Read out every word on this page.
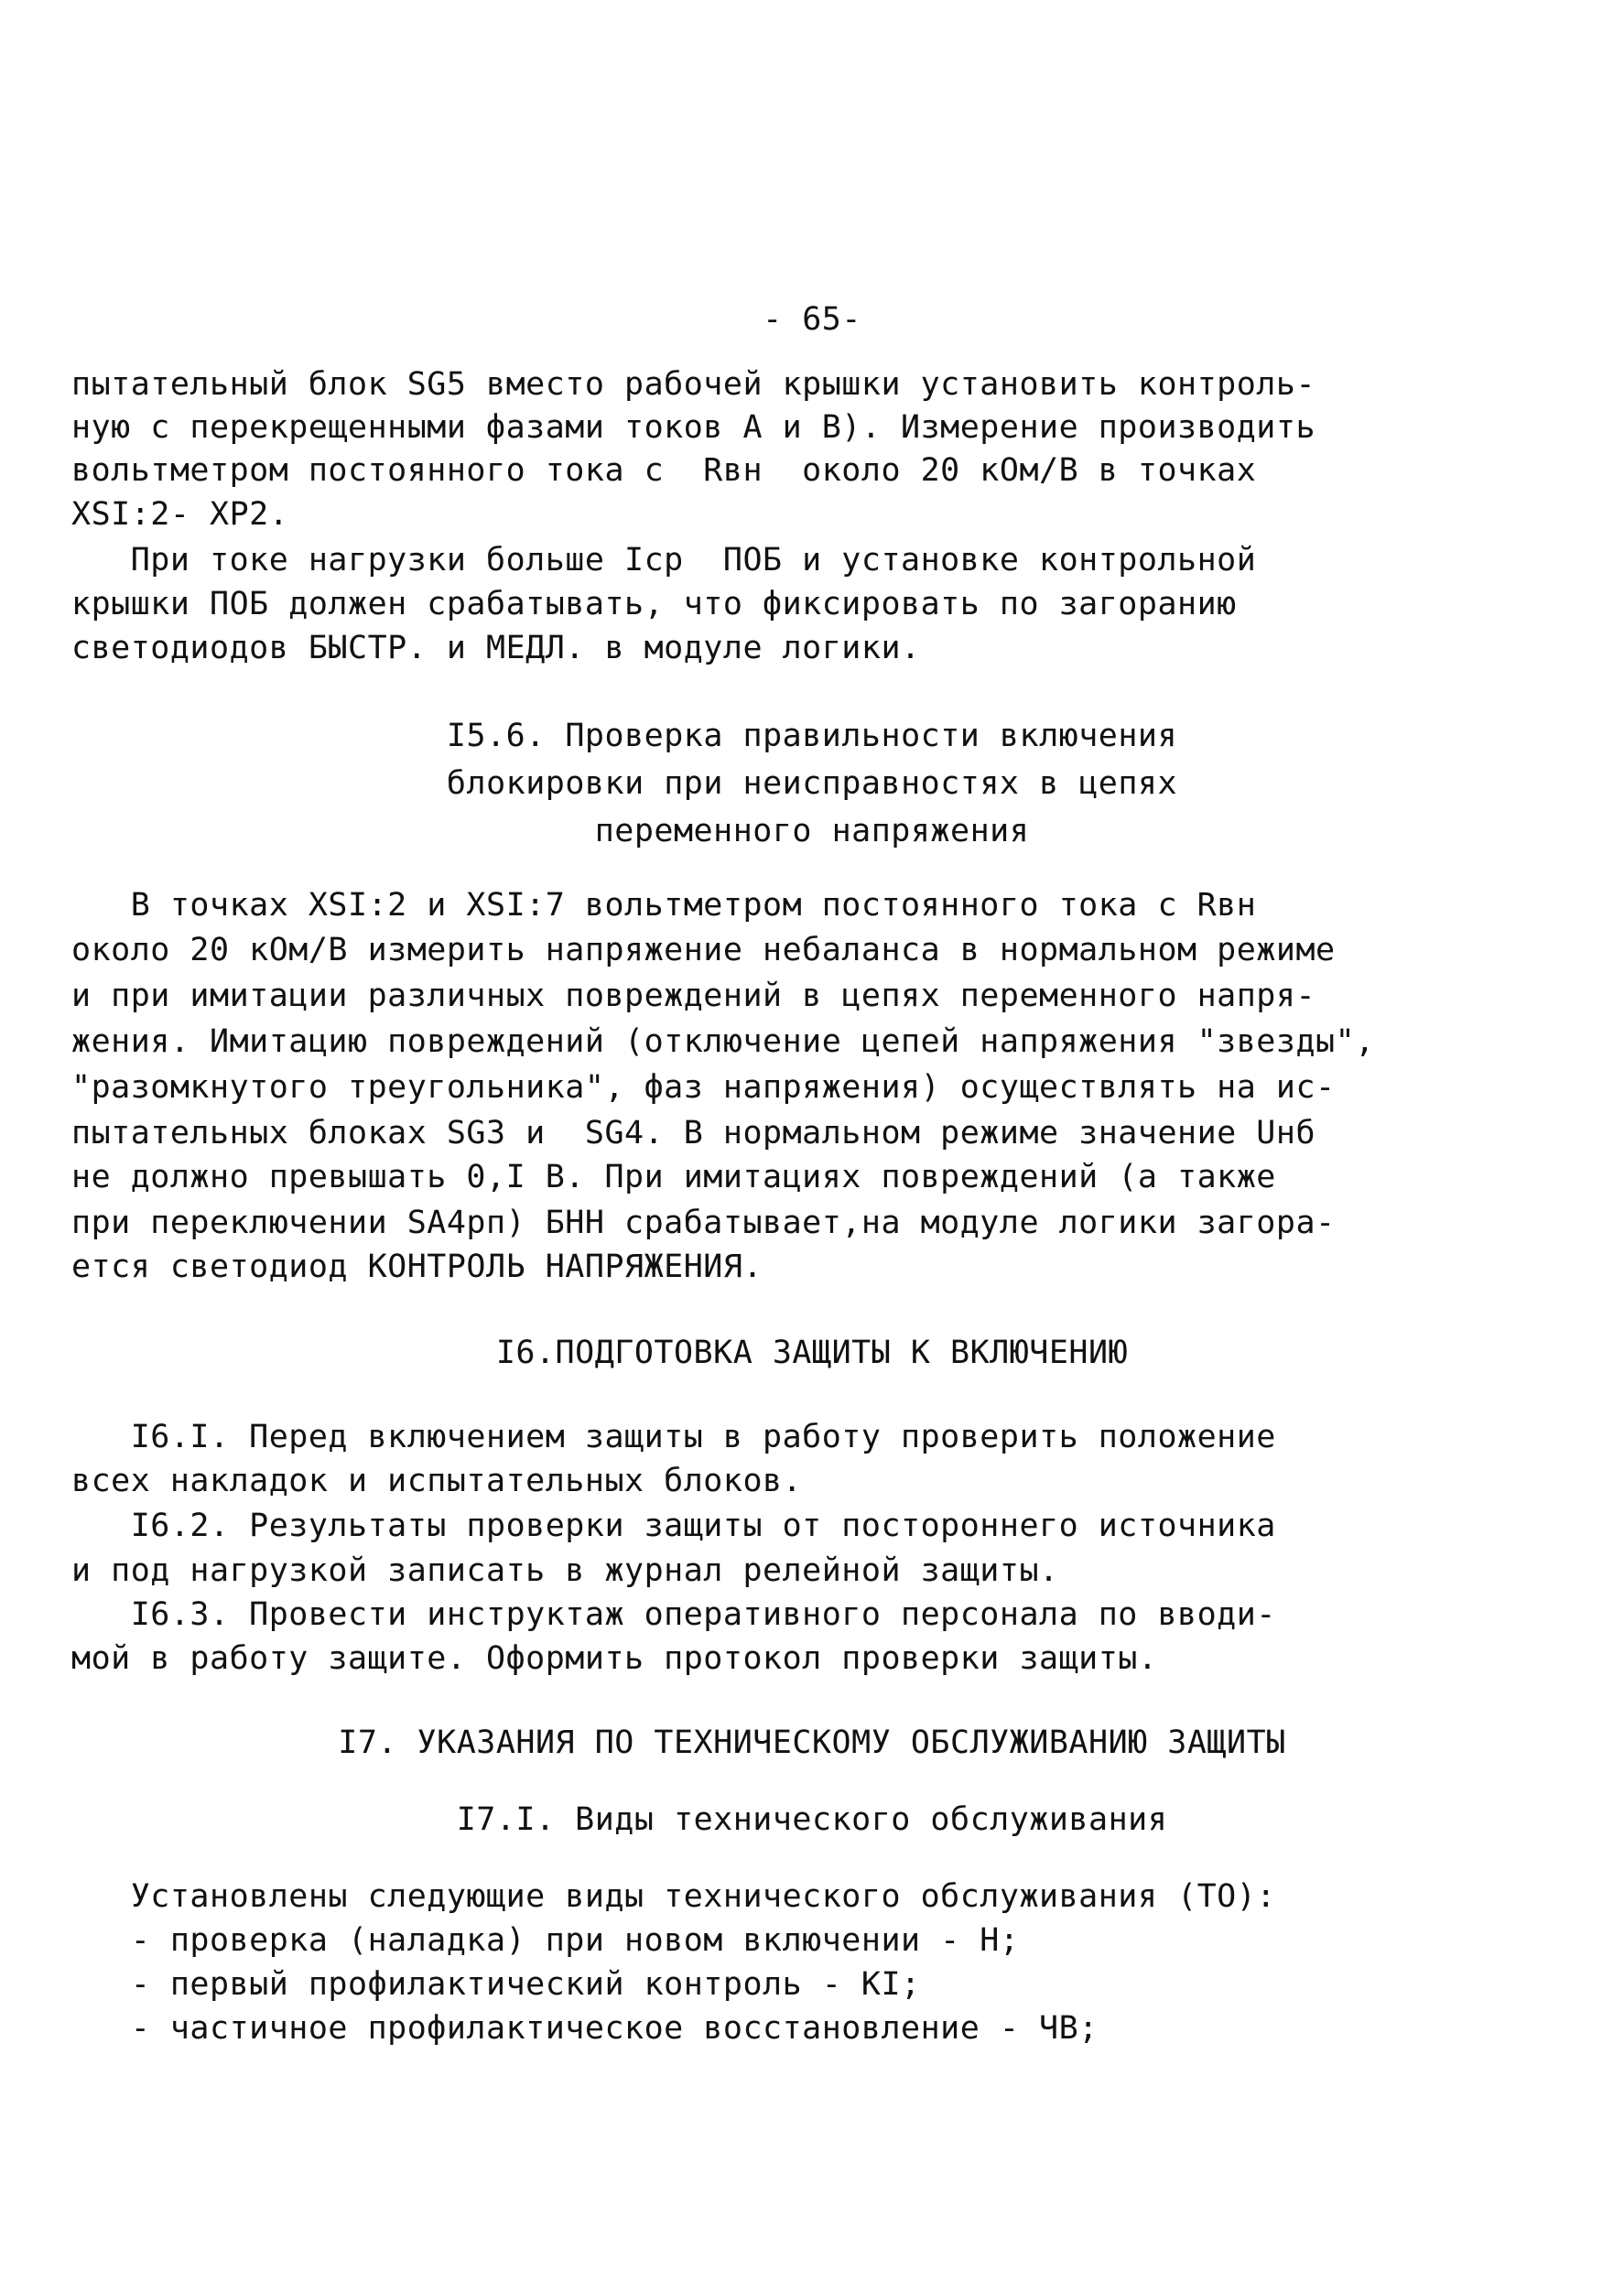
- 65-
пытательный блок SG5 вместо рабочей крышки установить контроль-
ную с перекрещенными фазами токов А и В). Измерение производить
вольтметром постоянного тока с  Rвн  около 20 кОм/В в точках
XSI:2- XP2.
При токе нагрузки больше Iср  ПОБ и установке контрольной
крышки ПОБ должен срабатывать, что фиксировать по загоранию
светодиодов БЫСТР. и МЕДЛ. в модуле логики.
I5.6. Проверка правильности включения
блокировки при неисправностях в цепях
переменного напряжения
В точках XSI:2 и XSI:7 вольтметром постоянного тока с Rвн
около 20 кОм/В измерить напряжение небаланса в нормальном режиме
и при имитации различных повреждений в цепях переменного напря-
жения. Имитацию повреждений (отключение цепей напряжения "звезды",
"разомкнутого треугольника", фаз напряжения) осуществлять на ис-
пытательных блоках SG3 и  SG4. В нормальном режиме значение Uнб
не должно превышать 0,I В. При имитациях повреждений (а также
при переключении SA4рп) БНН срабатывает,на модуле логики загора-
ется светодиод КОНТРОЛЬ НАПРЯЖЕНИЯ.
I6.ПОДГОТОВКА ЗАЩИТЫ К ВКЛЮЧЕНИЮ
I6.I. Перед включением защиты в работу проверить положение
всех накладок и испытательных блоков.
I6.2. Результаты проверки защиты от постороннего источника
и под нагрузкой записать в журнал релейной защиты.
I6.3. Провести инструктаж оперативного персонала по вводи-
мой в работу защите. Оформить протокол проверки защиты.
I7. УКАЗАНИЯ ПО ТЕХНИЧЕСКОМУ ОБСЛУЖИВАНИЮ ЗАЩИТЫ
I7.I. Виды технического обслуживания
Установлены следующие виды технического обслуживания (ТО):
- проверка (наладка) при новом включении - Н;
- первый профилактический контроль - КI;
- частичное профилактическое восстановление - ЧВ;
